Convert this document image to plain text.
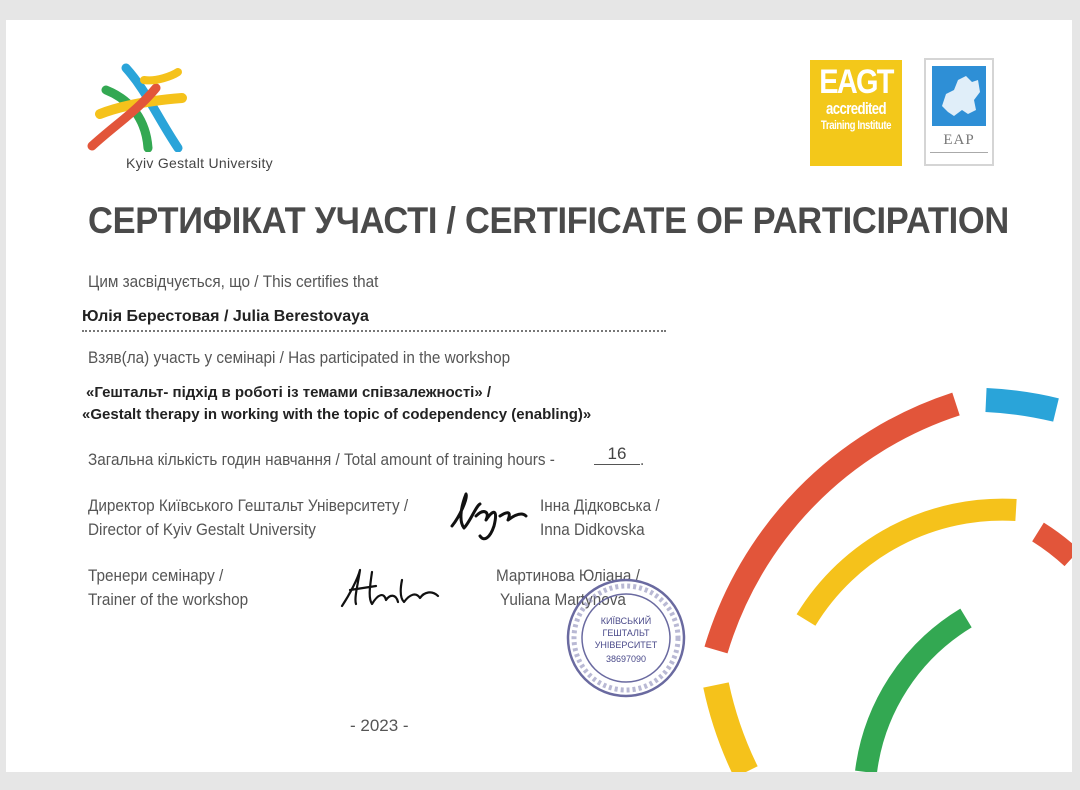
Kyiv Gestalt University
EAGT
accredited
Training Institute
EAP
СЕРТИФІКАТ УЧАСТІ / CERTIFICATE OF PARTICIPATION
Цим засвідчується, що / This certifies that
Юлія Берестовая / Julia Berestovaya
Взяв(ла) участь у семінарі / Has participated in the workshop
«Гештальт- підхід в роботі із темами співзалежності» /
«Gestalt therapy in working with the topic of codependency (enabling)»
Загальна кількість годин навчання / Total amount of training hours -	16 .
Директор Київського Гештальт Університету /
Director of Kyiv Gestalt University
Інна Дідковська /
Inna Didkovska
Тренери семінару /
Trainer of the workshop
Мартинова Юліана /
Yuliana Martynova
КИЇВСЬКИЙ
ГЕШТАЛЬТ
УНІВЕРСИТЕТ
38697090
- 2023 -
